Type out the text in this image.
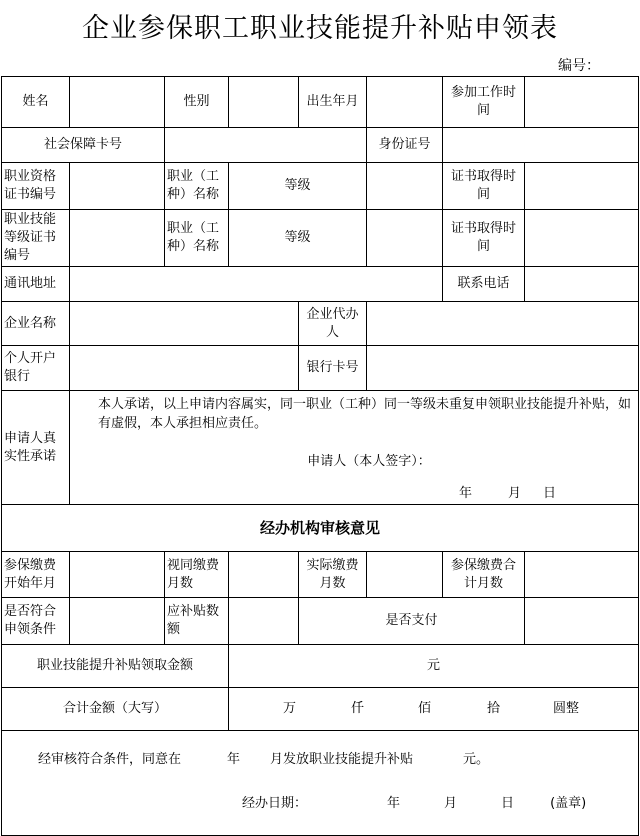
企业参保职工职业技能提升补贴申领表
编号：
姓名		性别		出生年月		参加工作时　　间	
社会保障卡号					身份证号		
职业资格证书编号		职业（工种）名称	等级			证书取得时间	
职业技能等级证书编号		职业（工种）名称	等级			证书取得时间	
通讯地址						联系电话	
企业名称				企业代办人			
个人开户银行				银行卡号			
申请人真实性承诺	本人承诺，以上申请内容属实，同一职业（工种）同一等级未重复申领职业技能提升补贴，如有虚假，本人承担相应责任。
申请人（本人签字）：
年 月 日						

经办机构审核意见							
参保缴费开始年月		视同缴费月数		实际缴费月数		参保缴费合计月数	
是否符合申领条件		应补贴数额		是否支付			
职业技能提升补贴领取金额			元				
合计金额（大写）			万 仟 佰 拾 圆整				

经审核符合条件，同意在 年 月发放职业技能提升补贴 元。
经办日期： 年 月 日 (盖章)							
